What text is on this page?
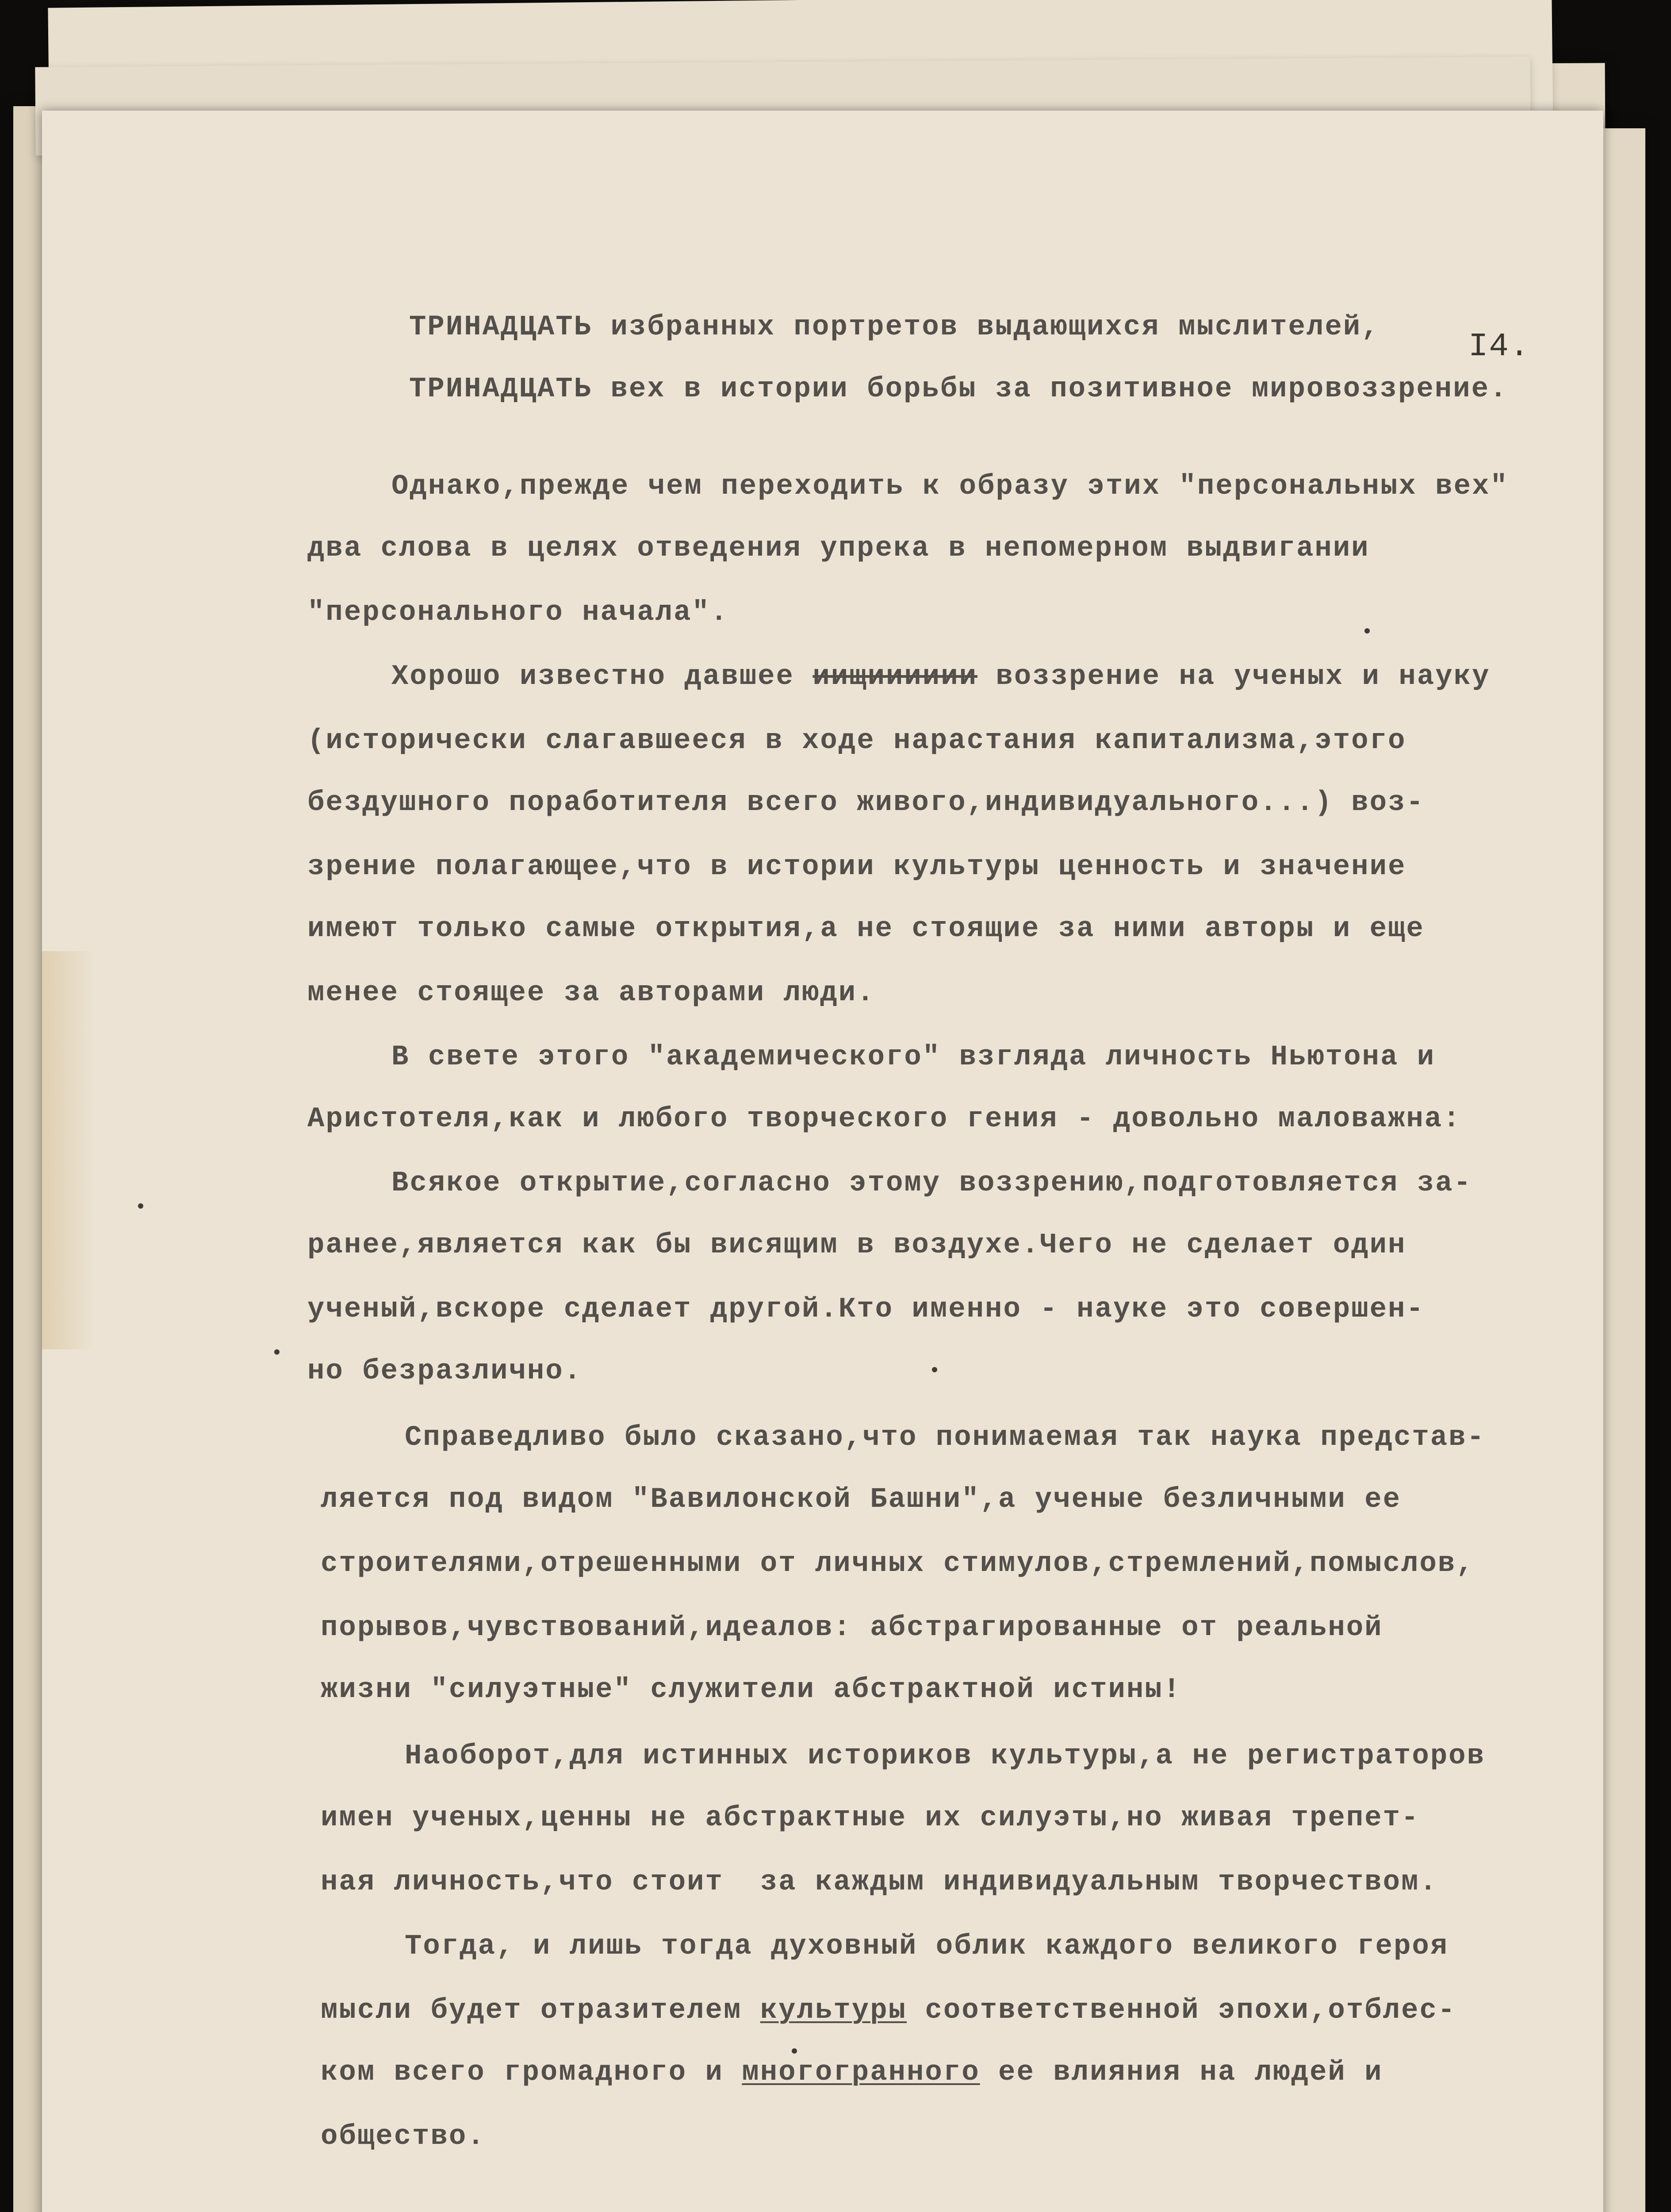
I4.
ТРИНАДЦАТЬ избранных портретов выдающихся мыслителей,
ТРИНАДЦАТЬ вех в истории борьбы за позитивное мировоззрение.
Однако,прежде чем переходить к образу этих "персональных вех"
два слова в целях отведения упрека в непомерном выдвигании
"персонального начала".
Хорошо известно давшее иищииииии воззрение на ученых и науку
(исторически слагавшееся в ходе нарастания капитализма,этого
бездушного поработителя всего живого,индивидуального...) воз-
зрение полагающее,что в истории культуры ценность и значение
имеют только самые открытия,а не стоящие за ними авторы и еще
менее стоящее за авторами люди.
В свете этого "академического" взгляда личность Ньютона и
Аристотеля,как и любого творческого гения - довольно маловажна:
Всякое открытие,согласно этому воззрению,подготовляется за-
ранее,является как бы висящим в воздухе.Чего не сделает один
ученый,вскоре сделает другой.Кто именно - науке это совершен-
но безразлично.
Справедливо было сказано,что понимаемая так наука представ-
ляется под видом "Вавилонской Башни",а ученые безличными ее
строителями,отрешенными от личных стимулов,стремлений,помыслов,
порывов,чувствований,идеалов: абстрагированные от реальной
жизни "силуэтные" служители абстрактной истины!
Наоборот,для истинных историков культуры,а не регистраторов
имен ученых,ценны не абстрактные их силуэты,но живая трепет-
ная личность,что стоит  за каждым индивидуальным творчеством.
Тогда, и лишь тогда духовный облик каждого великого героя
мысли будет отразителем культуры соответственной эпохи,отблес-
ком всего громадного и многогранного ее влияния на людей и
общество.
